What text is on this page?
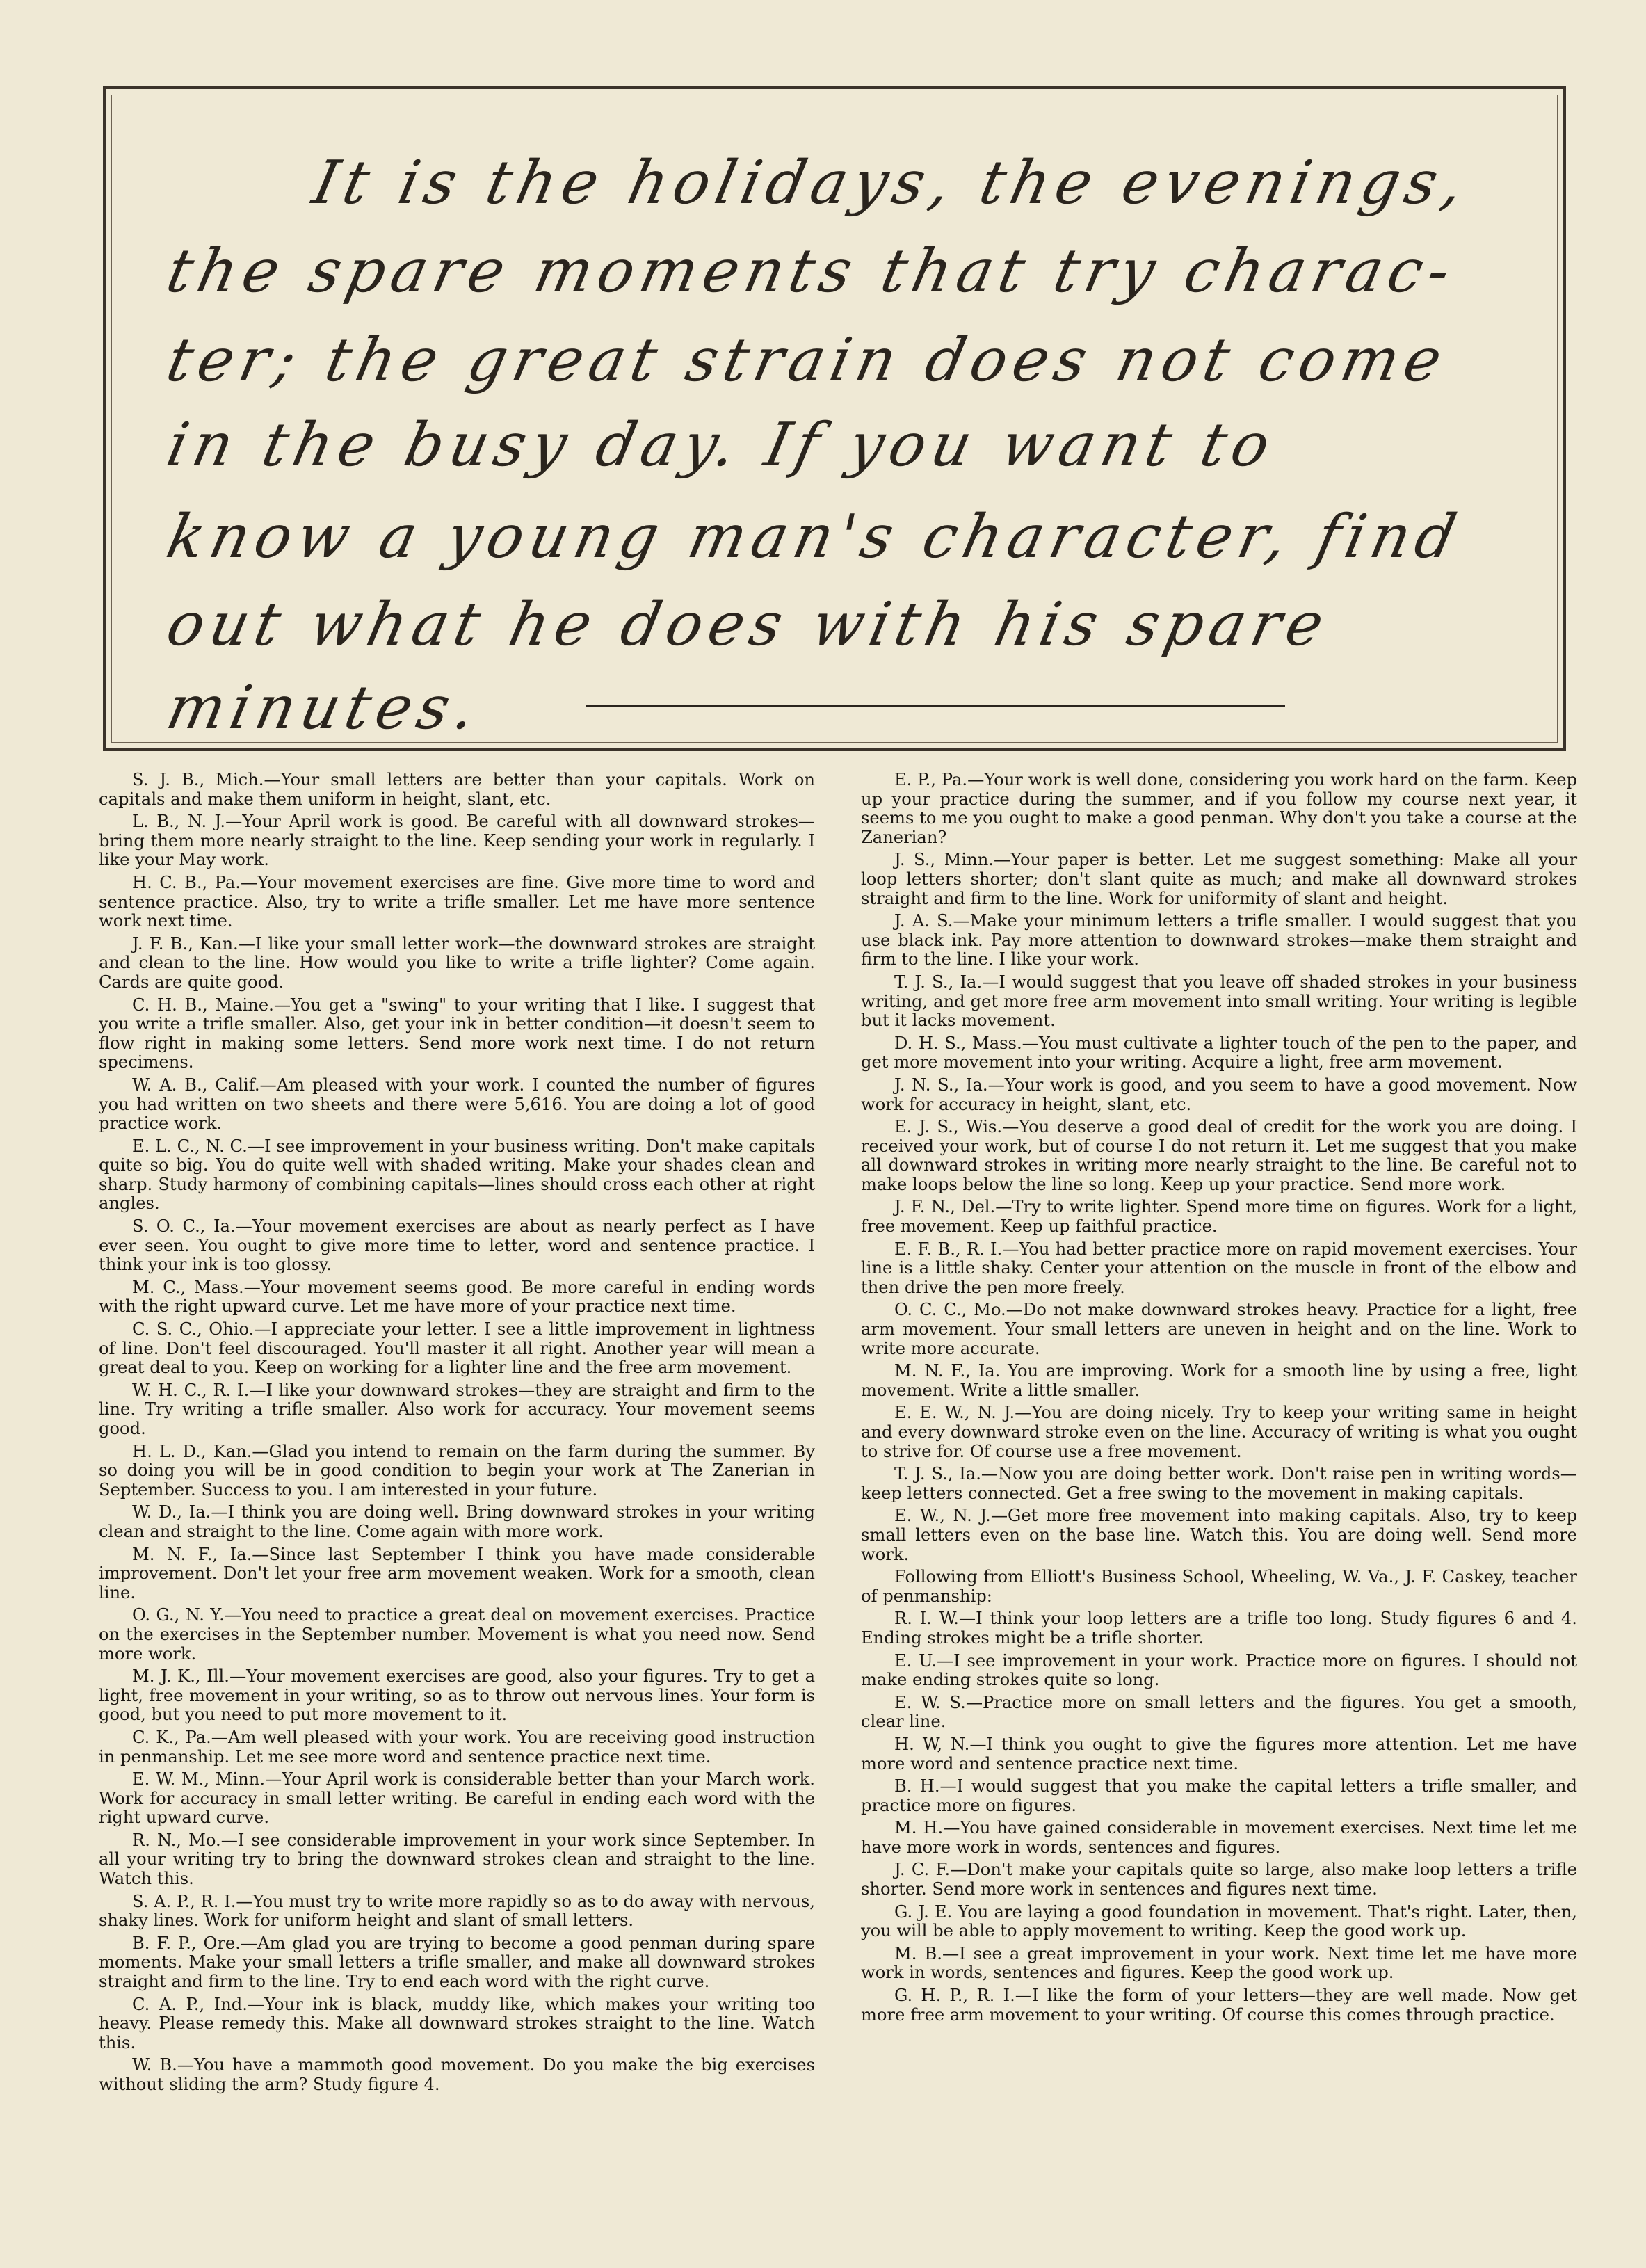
It is the holidays, the evenings,
the spare moments that try charac-
ter; the great strain does not come
in the busy day. If you want to
know a young man's character, find
out what he does with his spare
minutes.

S. J. B., Mich.—Your small letters are better than your capitals. Work on capitals and make them uniform in height, slant, etc.

L. B., N. J.—Your April work is good. Be careful with all downward strokes—bring them more nearly straight to the line. Keep sending your work in regularly. I like your May work.

H. C. B., Pa.—Your movement exercises are fine. Give more time to word and sentence practice. Also, try to write a trifle smaller. Let me have more sentence work next time.

J. F. B., Kan.—I like your small letter work—the downward strokes are straight and clean to the line. How would you like to write a trifle lighter? Come again. Cards are quite good.

C. H. B., Maine.—You get a "swing" to your writing that I like. I suggest that you write a trifle smaller. Also, get your ink in better condition—it doesn't seem to flow right in making some letters. Send more work next time. I do not return specimens.

W. A. B., Calif.—Am pleased with your work. I counted the number of figures you had written on two sheets and there were 5,616. You are doing a lot of good practice work.

E. L. C., N. C.—I see improvement in your business writing. Don't make capitals quite so big. You do quite well with shaded writing. Make your shades clean and sharp. Study harmony of combining capitals—lines should cross each other at right angles.

S. O. C., Ia.—Your movement exercises are about as nearly perfect as I have ever seen. You ought to give more time to letter, word and sentence practice. I think your ink is too glossy.

M. C., Mass.—Your movement seems good. Be more careful in ending words with the right upward curve. Let me have more of your practice next time.

C. S. C., Ohio.—I appreciate your letter. I see a little improvement in lightness of line. Don't feel discouraged. You'll master it all right. Another year will mean a great deal to you. Keep on working for a lighter line and the free arm movement.

W. H. C., R. I.—I like your downward strokes—they are straight and firm to the line. Try writing a trifle smaller. Also work for accuracy. Your movement seems good.

H. L. D., Kan.—Glad you intend to remain on the farm during the summer. By so doing you will be in good condition to begin your work at The Zanerian in September. Success to you. I am interested in your future.

W. D., Ia.—I think you are doing well. Bring downward strokes in your writing clean and straight to the line. Come again with more work.

M. N. F., Ia.—Since last September I think you have made considerable improvement. Don't let your free arm movement weaken. Work for a smooth, clean line.

O. G., N. Y.—You need to practice a great deal on movement exercises. Practice on the exercises in the September number. Movement is what you need now. Send more work.

M. J. K., Ill.—Your movement exercises are good, also your figures. Try to get a light, free movement in your writing, so as to throw out nervous lines. Your form is good, but you need to put more movement to it.

C. K., Pa.—Am well pleased with your work. You are receiving good instruction in penmanship. Let me see more word and sentence practice next time.

E. W. M., Minn.—Your April work is considerable better than your March work. Work for accuracy in small letter writing. Be careful in ending each word with the right upward curve.

R. N., Mo.—I see considerable improvement in your work since September. In all your writing try to bring the downward strokes clean and straight to the line. Watch this.

S. A. P., R. I.—You must try to write more rapidly so as to do away with nervous, shaky lines. Work for uniform height and slant of small letters.

B. F. P., Ore.—Am glad you are trying to become a good penman during spare moments. Make your small letters a trifle smaller, and make all downward strokes straight and firm to the line. Try to end each word with the right curve.

C. A. P., Ind.—Your ink is black, muddy like, which makes your writing too heavy. Please remedy this. Make all downward strokes straight to the line. Watch this.

W. B.—You have a mammoth good movement. Do you make the big exercises without sliding the arm? Study figure 4.

E. P., Pa.—Your work is well done, considering you work hard on the farm. Keep up your practice during the summer, and if you follow my course next year, it seems to me you ought to make a good penman. Why don't you take a course at the Zanerian?

J. S., Minn.—Your paper is better. Let me suggest something: Make all your loop letters shorter; don't slant quite as much; and make all downward strokes straight and firm to the line. Work for uniformity of slant and height.

J. A. S.—Make your minimum letters a trifle smaller. I would suggest that you use black ink. Pay more attention to downward strokes—make them straight and firm to the line. I like your work.

T. J. S., Ia.—I would suggest that you leave off shaded strokes in your business writing, and get more free arm movement into small writing. Your writing is legible but it lacks movement.

D. H. S., Mass.—You must cultivate a lighter touch of the pen to the paper, and get more movement into your writing. Acquire a light, free arm movement.

J. N. S., Ia.—Your work is good, and you seem to have a good movement. Now work for accuracy in height, slant, etc.

E. J. S., Wis.—You deserve a good deal of credit for the work you are doing. I received your work, but of course I do not return it. Let me suggest that you make all downward strokes in writing more nearly straight to the line. Be careful not to make loops below the line so long. Keep up your practice. Send more work.

J. F. N., Del.—Try to write lighter. Spend more time on figures. Work for a light, free movement. Keep up faithful practice.

E. F. B., R. I.—You had better practice more on rapid movement exercises. Your line is a little shaky. Center your attention on the muscle in front of the elbow and then drive the pen more freely.

O. C. C., Mo.—Do not make downward strokes heavy. Practice for a light, free arm movement. Your small letters are uneven in height and on the line. Work to write more accurate.

M. N. F., Ia. You are improving. Work for a smooth line by using a free, light movement. Write a little smaller.

E. E. W., N. J.—You are doing nicely. Try to keep your writing same in height and every downward stroke even on the line. Accuracy of writing is what you ought to strive for. Of course use a free movement.

T. J. S., Ia.—Now you are doing better work. Don't raise pen in writing words—keep letters connected. Get a free swing to the movement in making capitals.

E. W., N. J.—Get more free movement into making capitals. Also, try to keep small letters even on the base line. Watch this. You are doing well. Send more work.

Following from Elliott's Business School, Wheeling, W. Va., J. F. Caskey, teacher of penmanship:

R. I. W.—I think your loop letters are a trifle too long. Study figures 6 and 4. Ending strokes might be a trifle shorter.

E. U.—I see improvement in your work. Practice more on figures. I should not make ending strokes quite so long.

E. W. S.—Practice more on small letters and the figures. You get a smooth, clear line.

H. W, N.—I think you ought to give the figures more attention. Let me have more word and sentence practice next time.

B. H.—I would suggest that you make the capital letters a trifle smaller, and practice more on figures.

M. H.—You have gained considerable in movement exercises. Next time let me have more work in words, sentences and figures.

J. C. F.—Don't make your capitals quite so large, also make loop letters a trifle shorter. Send more work in sentences and figures next time.

G. J. E. You are laying a good foundation in movement. That's right. Later, then, you will be able to apply movement to writing. Keep the good work up.

M. B.—I see a great improvement in your work. Next time let me have more work in words, sentences and figures. Keep the good work up.

G. H. P., R. I.—I like the form of your letters—they are well made. Now get more free arm movement to your writing. Of course this comes through practice.
